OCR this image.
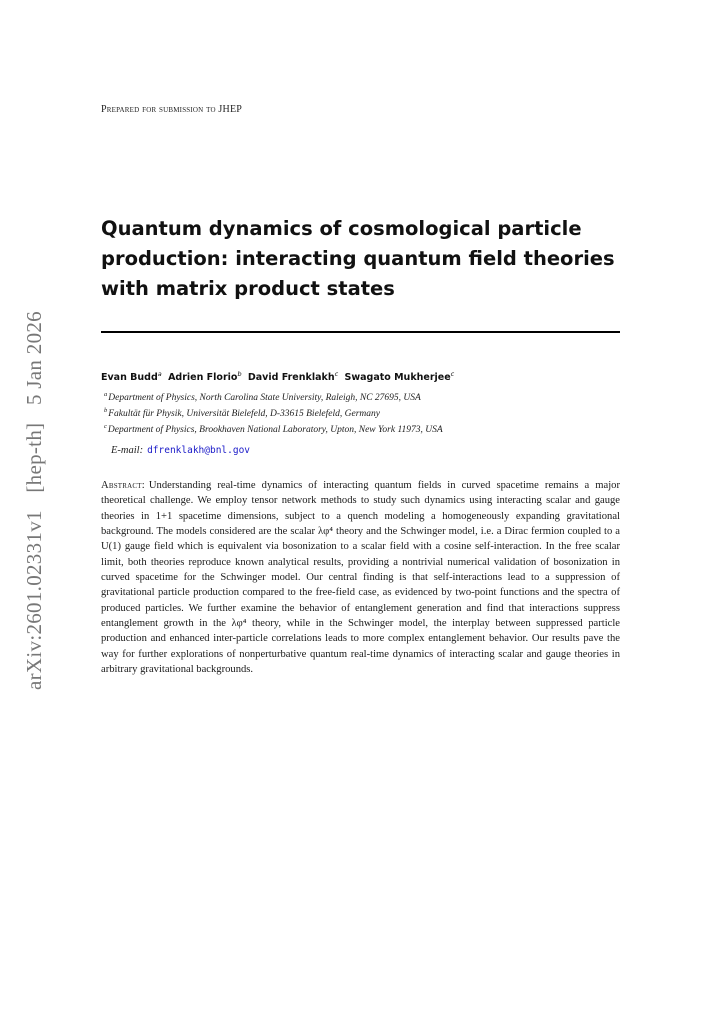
Prepared for submission to JHEP
arXiv:2601.02331v1 [hep-th] 5 Jan 2026
Quantum dynamics of cosmological particle production: interacting quantum field theories with matrix product states
Evan Budd$^a$ Adrien Florio$^b$ David Frenklakh$^c$ Swagato Mukherjee$^c$
$^a$Department of Physics, North Carolina State University, Raleigh, NC 27695, USA
$^b$Fakultät für Physik, Universität Bielefeld, D-33615 Bielefeld, Germany
$^c$Department of Physics, Brookhaven National Laboratory, Upton, New York 11973, USA
E-mail: dfrenklakh@bnl.gov

Abstract: Understanding real-time dynamics of interacting quantum fields in curved spacetime remains a major theoretical challenge. We employ tensor network methods to study such dynamics using interacting scalar and gauge theories in 1+1 spacetime dimensions, subject to a quench modeling a homogeneously expanding gravitational background. The models considered are the scalar λφ⁴ theory and the Schwinger model, i.e. a Dirac fermion coupled to a U(1) gauge field which is equivalent via bosonization to a scalar field with a cosine self-interaction. In the free scalar limit, both theories reproduce known analytical results, providing a nontrivial numerical validation of bosonization in curved spacetime for the Schwinger model. Our central finding is that self-interactions lead to a suppression of gravitational particle production compared to the free-field case, as evidenced by two-point functions and the spectra of produced particles. We further examine the behavior of entanglement generation and find that interactions suppress entanglement growth in the λφ⁴ theory, while in the Schwinger model, the interplay between suppressed particle production and enhanced inter-particle correlations leads to more complex entanglement behavior. Our results pave the way for further explorations of nonperturbative quantum real-time dynamics of interacting scalar and gauge theories in arbitrary gravitational backgrounds.
